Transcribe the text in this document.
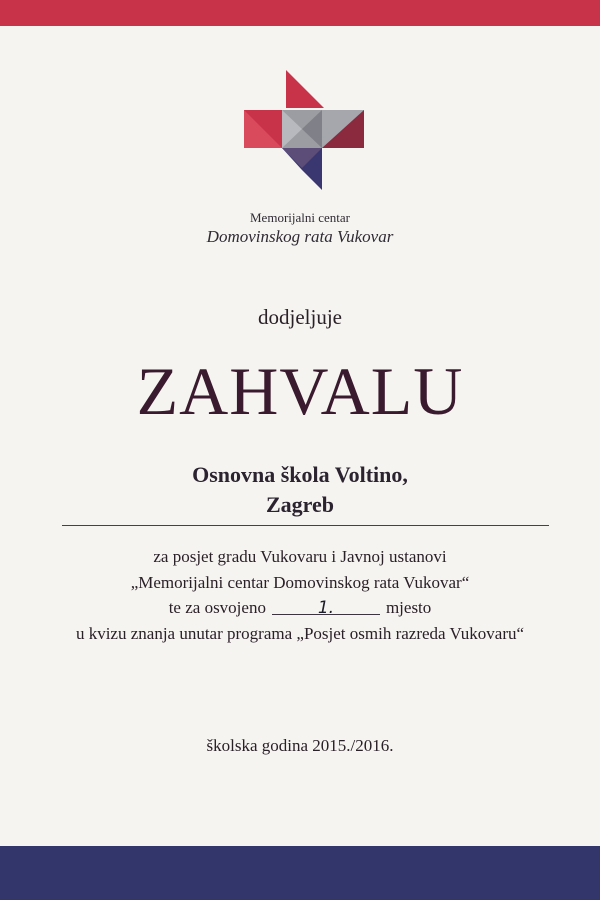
Memorijalni centar
Domovinskog rata Vukovar
dodjeljuje
ZAHVALU
Osnovna škola Voltino,
Zagreb
za posjet gradu Vukovaru i Javnoj ustanovi
„Memorijalni centar Domovinskog rata Vukovar“
te za osvojeno	1.	mjesto
u kvizu znanja unutar programa „Posjet osmih razreda Vukovaru“
školska godina 2015./2016.
